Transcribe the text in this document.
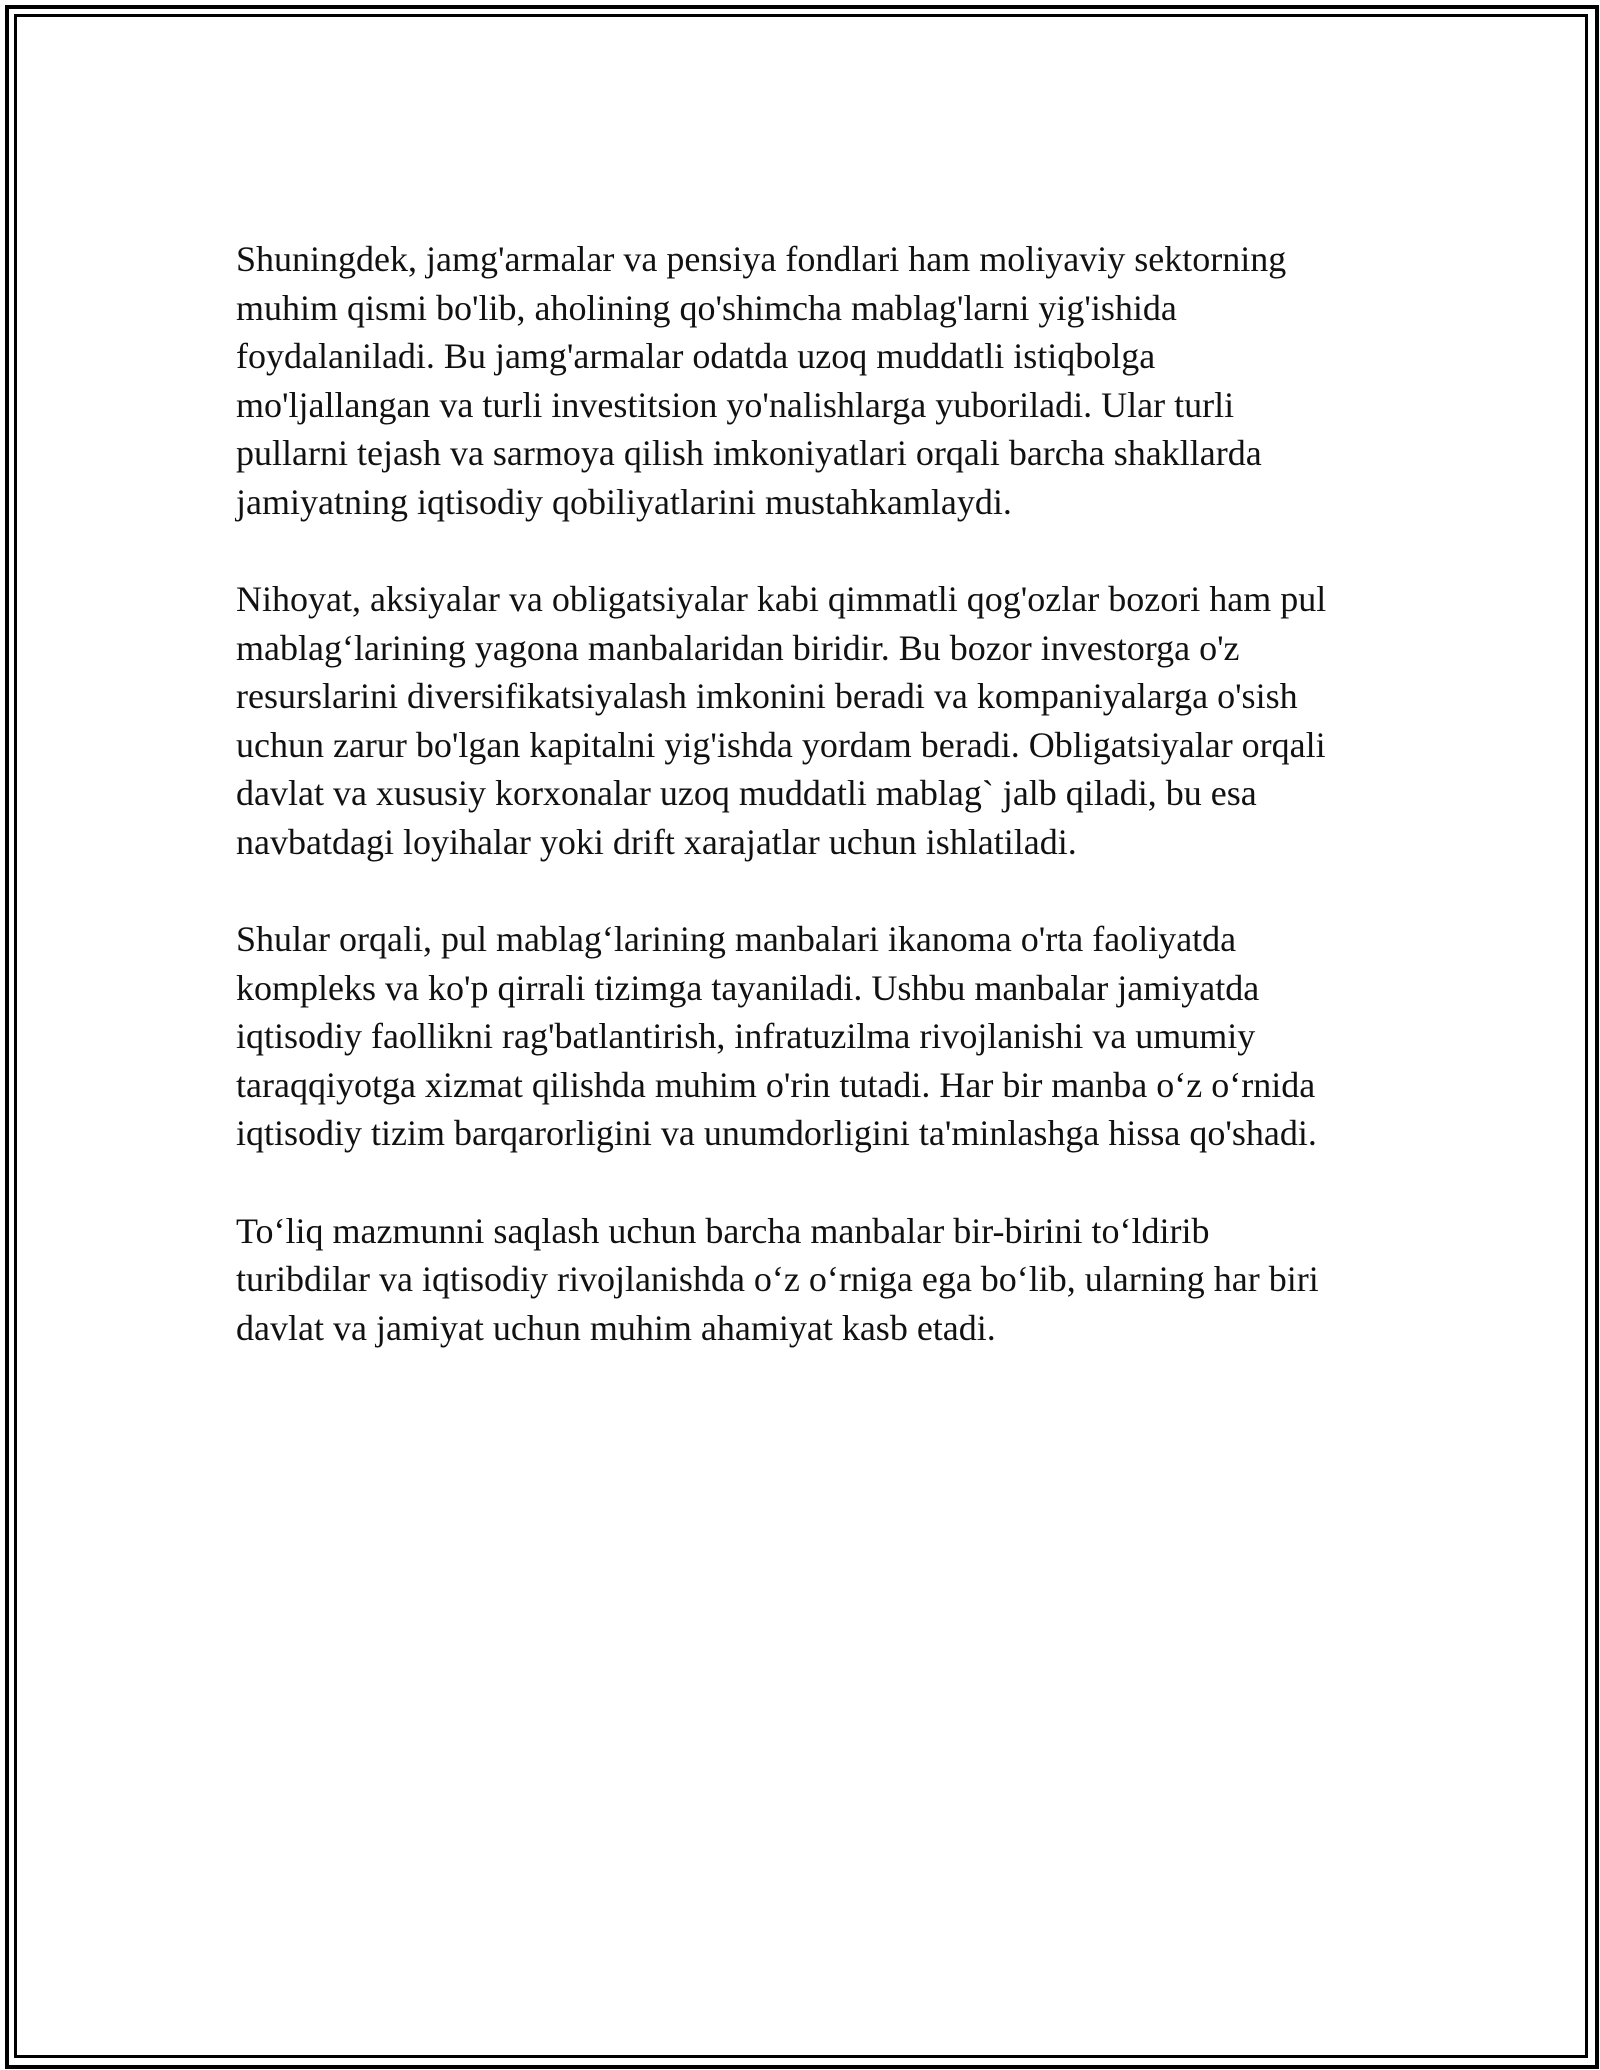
Shuningdek, jamg'armalar va pensiya fondlari ham moliyaviy sektorning
muhim qismi bo'lib, aholining qo'shimcha mablag'larni yig'ishida
foydalaniladi. Bu jamg'armalar odatda uzoq muddatli istiqbolga
mo'ljallangan va turli investitsion yo'nalishlarga yuboriladi. Ular turli
pullarni tejash va sarmoya qilish imkoniyatlari orqali barcha shakllarda
jamiyatning iqtisodiy qobiliyatlarini mustahkamlaydi.

Nihoyat, aksiyalar va obligatsiyalar kabi qimmatli qog'ozlar bozori ham pul
mablag‘larining yagona manbalaridan biridir. Bu bozor investorga o'z
resurslarini diversifikatsiyalash imkonini beradi va kompaniyalarga o'sish
uchun zarur bo'lgan kapitalni yig'ishda yordam beradi. Obligatsiyalar orqali
davlat va xususiy korxonalar uzoq muddatli mablag` jalb qiladi, bu esa
navbatdagi loyihalar yoki drift xarajatlar uchun ishlatiladi.

Shular orqali, pul mablag‘larining manbalari ikanoma o'rta faoliyatda
kompleks va ko'p qirrali tizimga tayaniladi. Ushbu manbalar jamiyatda
iqtisodiy faollikni rag'batlantirish, infratuzilma rivojlanishi va umumiy
taraqqiyotga xizmat qilishda muhim o'rin tutadi. Har bir manba o‘z o‘rnida
iqtisodiy tizim barqarorligini va unumdorligini ta'minlashga hissa qo'shadi.

To‘liq mazmunni saqlash uchun barcha manbalar bir-birini to‘ldirib
turibdilar va iqtisodiy rivojlanishda o‘z o‘rniga ega bo‘lib, ularning har biri
davlat va jamiyat uchun muhim ahamiyat kasb etadi.
